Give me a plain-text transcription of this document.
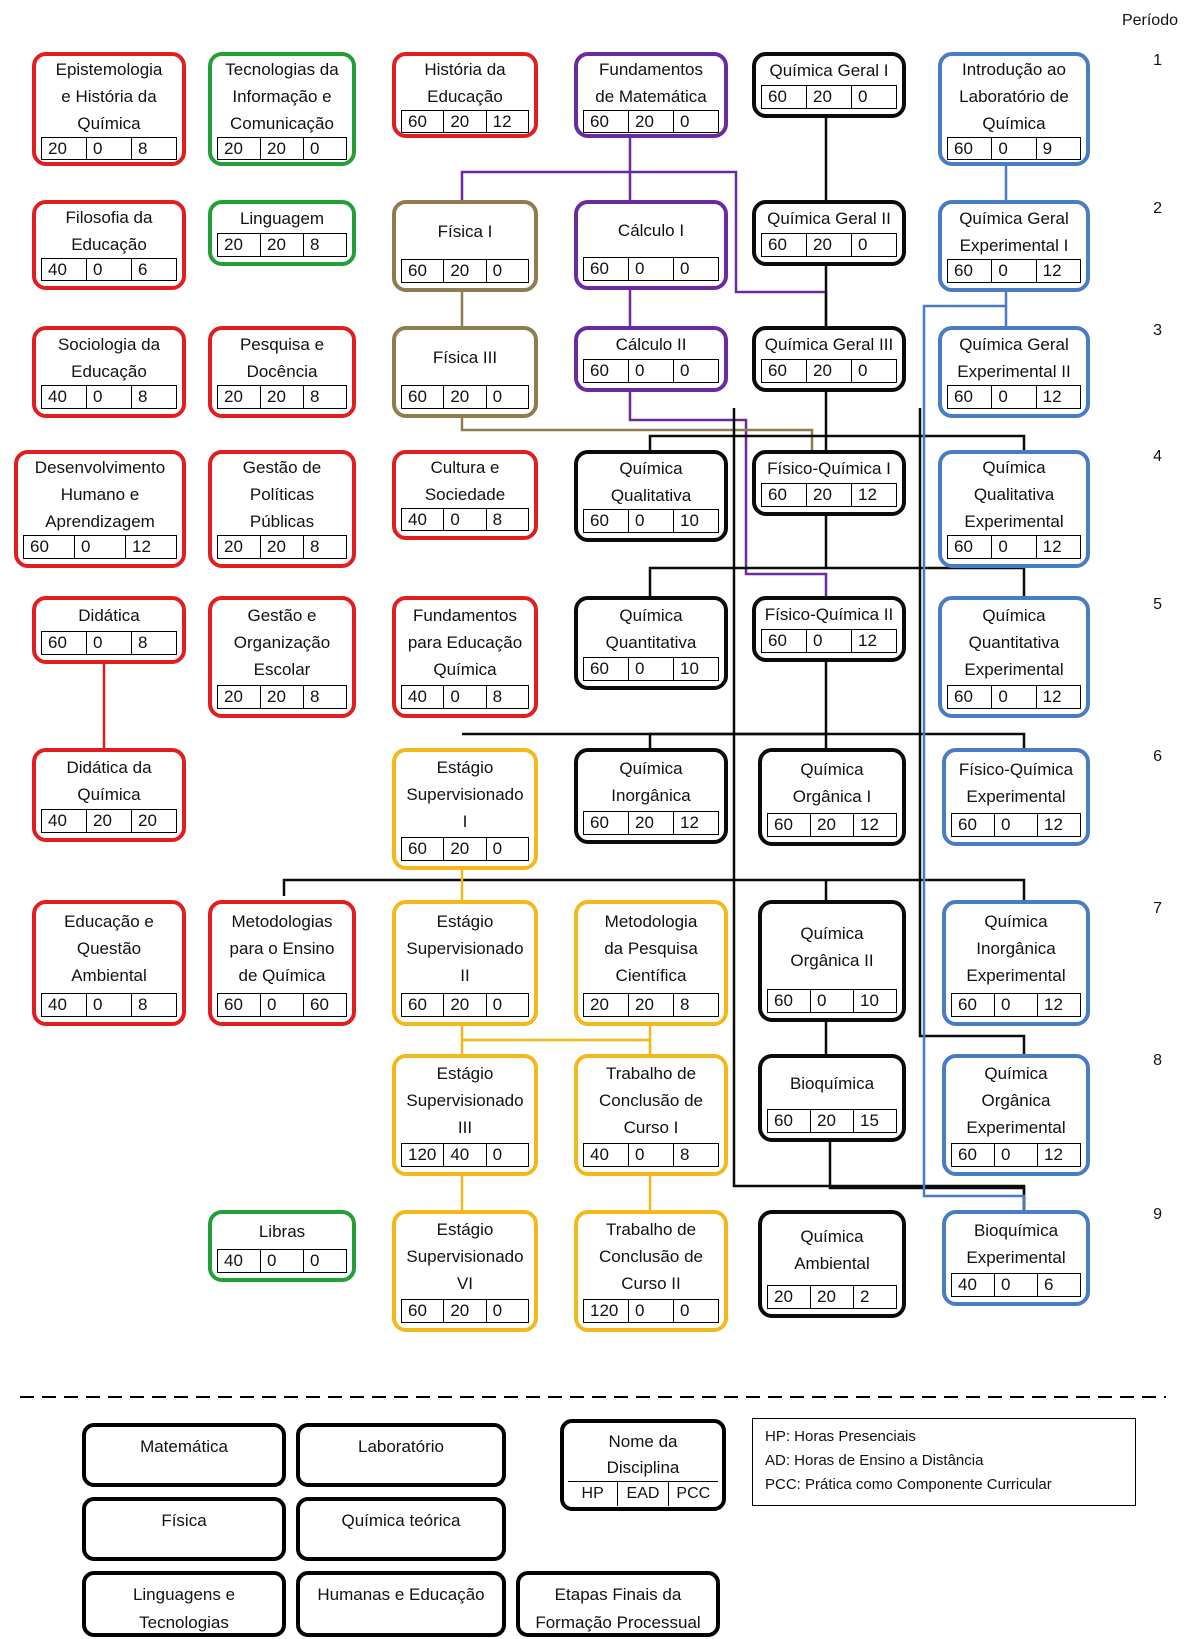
Período
1
2
3
4
5
6
7
8
9
Epistemologia
e História da
Química
20	0	8
Tecnologias da
Informação e
Comunicação
20	20	0
História da
Educação
60	20	12
Fundamentos
de Matemática
60	20	0
Química Geral I
60	20	0
Introdução ao
Laboratório de
Química
60	0	9
Filosofia da
Educação
40	0	6
Linguagem
20	20	8
Física I
60	20	0
Cálculo I
60	0	0
Química Geral II
60	20	0
Química Geral
Experimental I
60	0	12
Sociologia da
Educação
40	0	8
Pesquisa e
Docência
20	20	8
Física III
60	20	0
Cálculo II
60	0	0
Química Geral III
60	20	0
Química Geral
Experimental II
60	0	12
Desenvolvimento
Humano e
Aprendizagem
60	0	12
Gestão de
Políticas
Públicas
20	20	8
Cultura e
Sociedade
40	0	8
Química
Qualitativa
60	0	10
Físico-Química I
60	20	12
Química
Qualitativa
Experimental
60	0	12
Didática
60	0	8
Gestão e
Organização
Escolar
20	20	8
Fundamentos
para Educação
Química
40	0	8
Química
Quantitativa
60	0	10
Físico-Química II
60	0	12
Química
Quantitativa
Experimental
60	0	12
Didática da
Química
40	20	20
Estágio
Supervisionado
I
60	20	0
Química
Inorgânica
60	20	12
Química
Orgânica I
60	20	12
Físico-Química
Experimental
60	0	12
Educação e
Questão
Ambiental
40	0	8
Metodologias
para o Ensino
de Química
60	0	60
Estágio
Supervisionado
II
60	20	0
Metodologia
da Pesquisa
Científica
20	20	8
Química
Orgânica II
60	0	10
Química
Inorgânica
Experimental
60	0	12
Estágio
Supervisionado
III
120 40	0
Trabalho de
Conclusão de
Curso I
40	0	8
Bioquímica
60	20	15
Química
Orgânica
Experimental
60	0	12
Libras
40	0	0
Estágio
Supervisionado
VI
60	20	0
Trabalho de
Conclusão de
Curso II
120 0	0
Química
Ambiental
20	20	2
Bioquímica
Experimental
40	0	6
Matemática	Laboratório
Física	Química teórica
Linguagens e
Tecnologias
Humanas e Educação	Etapas Finais da
Formação Processual
Nome da
Disciplina
HP	EAD	PCC
HP: Horas Presenciais
AD: Horas de Ensino a Distância
PCC: Prática como Componente Curricular
